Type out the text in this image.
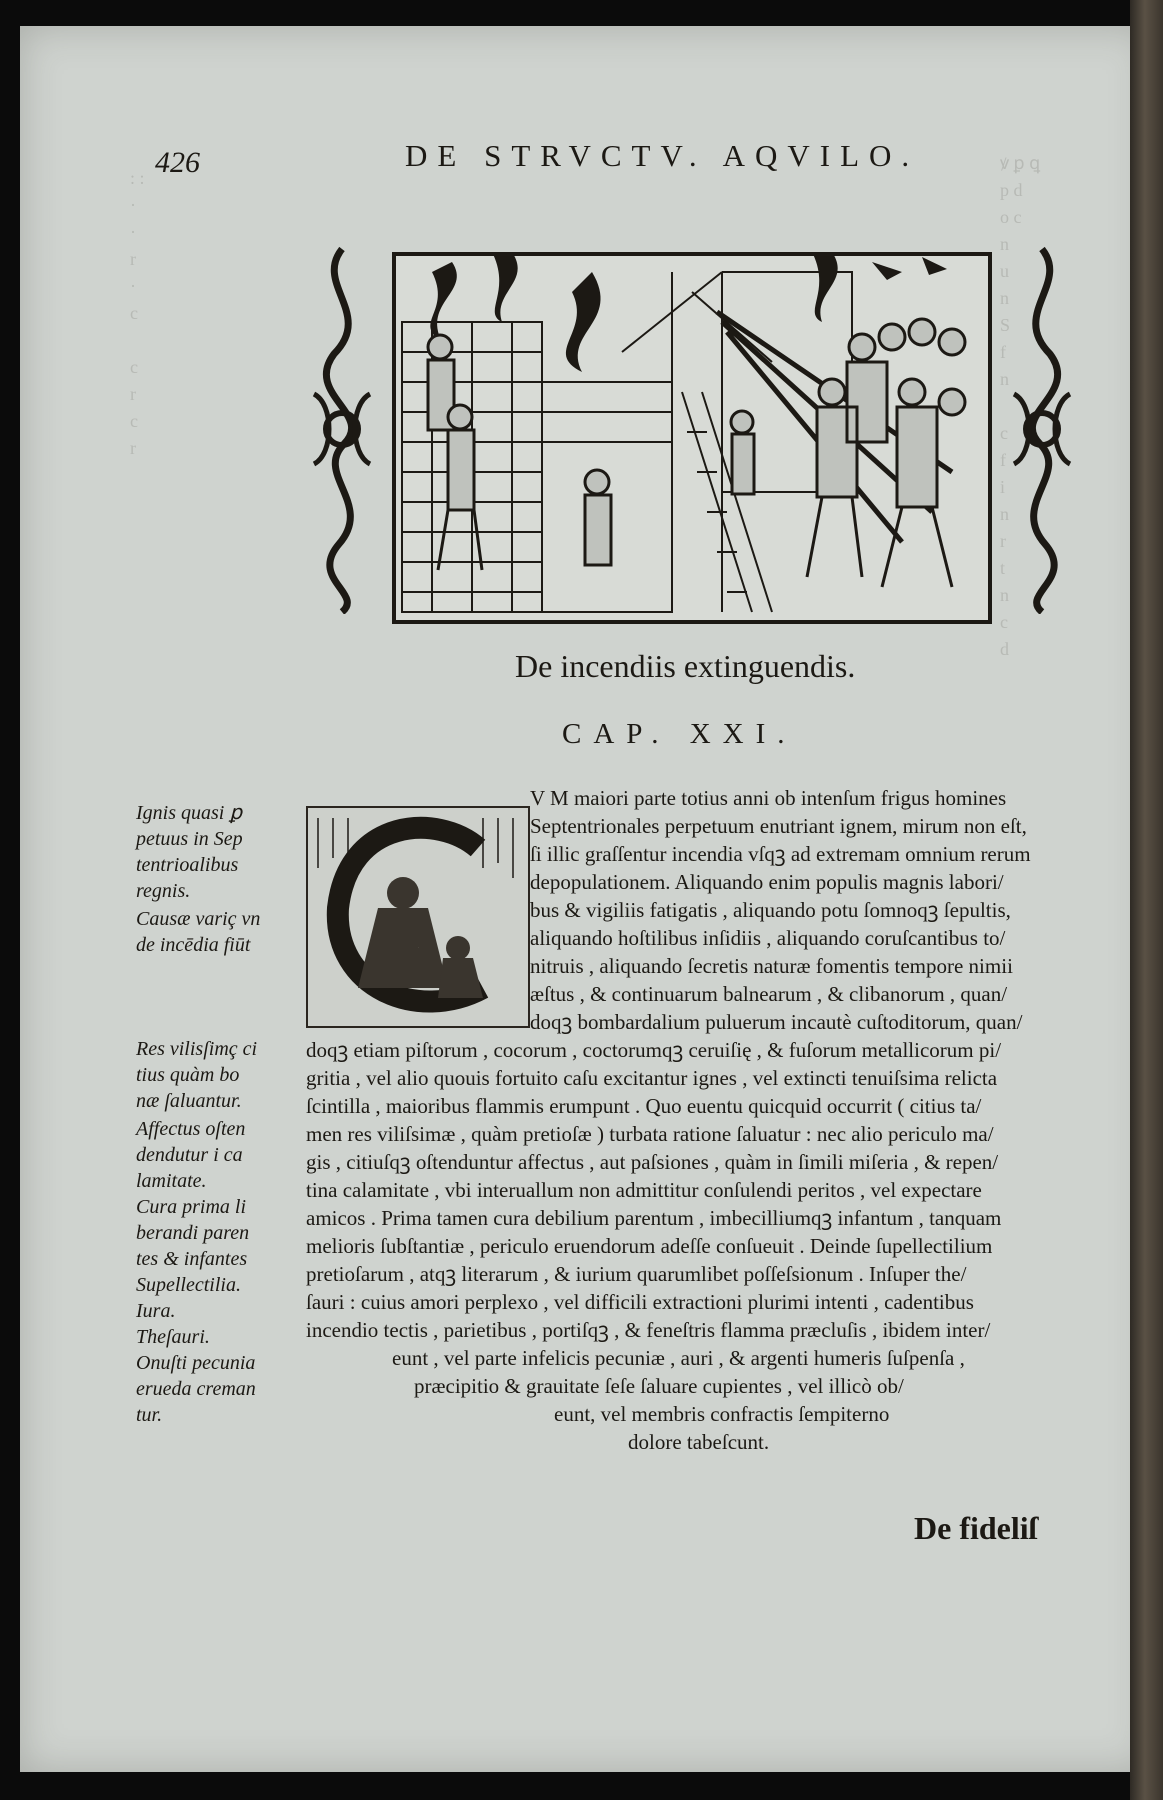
426	DE STRVCTV. AQVILO.
De incendiis extinguendis.
CAP. XXI.
Ignis quasi ꝑ
petuus in Sep
tentrioalibus
regnis.
Causæ variç vn
de incēdia fiūt
Res vilisſimç ci
tius quàm bo
næ ſaluantur.
Affectus oſten
dendutur i ca
lamitate.
Cura prima li
berandi paren
tes & infantes
Supellectilia.
Iura.
Theſauri.
Onuſti pecunia
erueda creman
tur.
C
V M maiori parte totius anni ob intenſum frigus homines
Septentrionales perpetuum enutriant ignem, mirum non eſt,
ſi illic graſſentur incendia vſqꝫ ad extremam omnium rerum
depopulationem. Aliquando enim populis magnis labori/
bus & vigiliis fatigatis , aliquando potu ſomnoqꝫ ſepultis,
aliquando hoſtilibus inſidiis , aliquando coruſcantibus to/
nitruis , aliquando ſecretis naturæ fomentis tempore nimii
æſtus , & continuarum balnearum , & clibanorum , quan/
doqꝫ bombardalium puluerum incautè cuſtoditorum, quan/
doqꝫ etiam piſtorum , cocorum , coctorumqꝫ ceruiſię , & fuſorum metallicorum pi/
gritia , vel alio quouis fortuito caſu excitantur ignes , vel extincti tenuiſsima relicta
ſcintilla , maioribus flammis erumpunt . Quo euentu quicquid occurrit ( citius ta/
men res viliſsimæ , quàm pretioſæ ) turbata ratione ſaluatur : nec alio periculo ma/
gis , citiuſqꝫ oſtenduntur affectus , aut paſsiones , quàm in ſimili miſeria , & repen/
tina calamitate , vbi interuallum non admittitur conſulendi peritos , vel expectare
amicos . Prima tamen cura debilium parentum , imbecilliumqꝫ infantum , tanquam
melioris ſubſtantiæ , periculo eruendorum adeſſe conſueuit . Deinde ſupellectilium
pretioſarum , atqꝫ literarum , & iurium quarumlibet poſſeſsionum . Inſuper the/
ſauri : cuius amori perplexo , vel difficili extractioni plurimi intenti , cadentibus
incendio tectis , parietibus , portiſqꝫ , & feneſtris flamma præcluſis , ibidem inter/
eunt , vel parte infelicis pecuniæ , auri , & argenti humeris ſuſpenſa ,
præcipitio & grauitate ſeſe ſaluare cupientes , vel illicò ob/
eunt, vel membris confractis ſempiterno
dolore tabeſcunt.
De fideliſ
